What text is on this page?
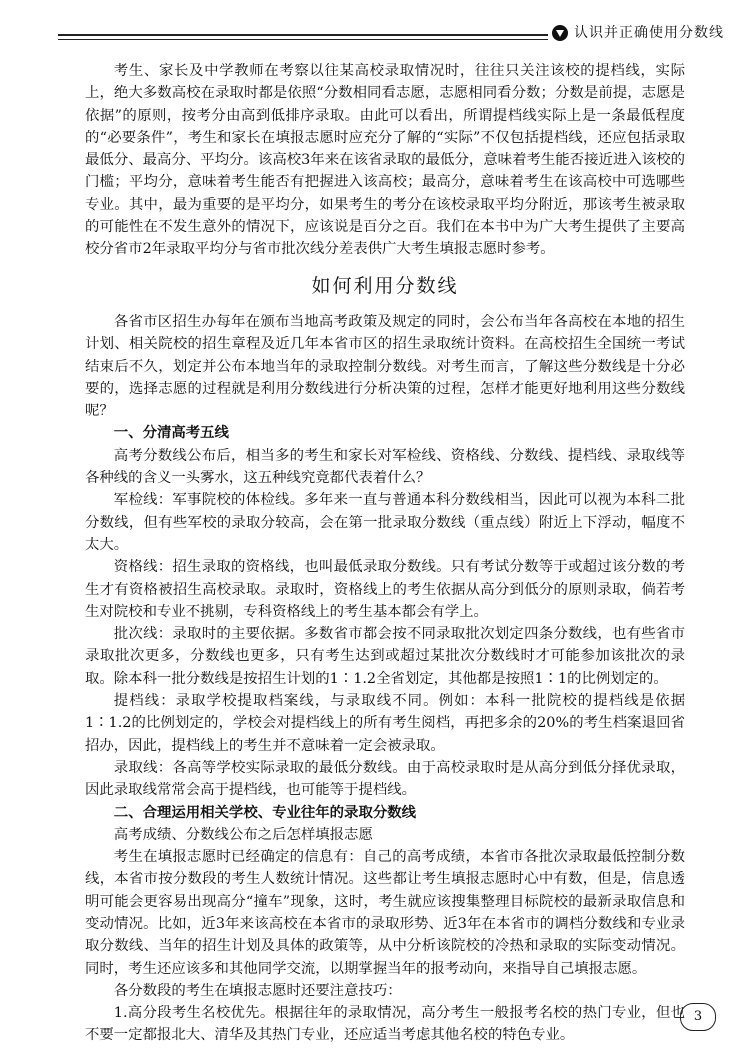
认识并正确使用分数线

考生、家长及中学教师在考察以往某高校录取情况时，往往只关注该校的提档线，实际上，绝大多数高校在录取时都是依照“分数相同看志愿，志愿相同看分数；分数是前提，志愿是依据”的原则，按考分由高到低排序录取。由此可以看出，所谓提档线实际上是一条最低程度的“必要条件”，考生和家长在填报志愿时应充分了解的“实际”不仅包括提档线，还应包括录取最低分、最高分、平均分。该高校3年来在该省录取的最低分，意味着考生能否接近进入该校的门槛；平均分，意味着考生能否有把握进入该高校；最高分，意味着考生在该高校中可选哪些专业。其中，最为重要的是平均分，如果考生的考分在该校录取平均分附近，那该考生被录取的可能性在不发生意外的情况下，应该说是百分之百。我们在本书中为广大考生提供了主要高校分省市2年录取平均分与省市批次线分差表供广大考生填报志愿时参考。

如何利用分数线

各省市区招生办每年在颁布当地高考政策及规定的同时，会公布当年各高校在本地的招生计划、相关院校的招生章程及近几年本省市区的招生录取统计资料。在高校招生全国统一考试结束后不久，划定并公布本地当年的录取控制分数线。对考生而言，了解这些分数线是十分必要的，选择志愿的过程就是利用分数线进行分析决策的过程，怎样才能更好地利用这些分数线呢？

一、分清高考五线

高考分数线公布后，相当多的考生和家长对军检线、资格线、分数线、提档线、录取线等各种线的含义一头雾水，这五种线究竟都代表着什么？

军检线：军事院校的体检线。多年来一直与普通本科分数线相当，因此可以视为本科二批分数线，但有些军校的录取分较高，会在第一批录取分数线（重点线）附近上下浮动，幅度不太大。

资格线：招生录取的资格线，也叫最低录取分数线。只有考试分数等于或超过该分数的考生才有资格被招生高校录取。录取时，资格线上的考生依据从高分到低分的原则录取，倘若考生对院校和专业不挑剔，专科资格线上的考生基本都会有学上。

批次线：录取时的主要依据。多数省市都会按不同录取批次划定四条分数线，也有些省市录取批次更多，分数线也更多，只有考生达到或超过某批次分数线时才可能参加该批次的录取。除本科一批分数线是按招生计划的1∶1.2全省划定，其他都是按照1∶1的比例划定的。

提档线：录取学校提取档案线，与录取线不同。例如：本科一批院校的提档线是依据1∶1.2的比例划定的，学校会对提档线上的所有考生阅档，再把多余的20%的考生档案退回省招办，因此，提档线上的考生并不意味着一定会被录取。

录取线：各高等学校实际录取的最低分数线。由于高校录取时是从高分到低分择优录取，因此录取线常常会高于提档线，也可能等于提档线。

二、合理运用相关学校、专业往年的录取分数线

高考成绩、分数线公布之后怎样填报志愿

考生在填报志愿时已经确定的信息有：自己的高考成绩，本省市各批次录取最低控制分数线，本省市按分数段的考生人数统计情况。这些都让考生填报志愿时心中有数，但是，信息透明可能会更容易出现高分“撞车”现象，这时，考生就应该搜集整理目标院校的最新录取信息和变动情况。比如，近3年来该高校在本省市的录取形势、近3年在本省市的调档分数线和专业录取分数线、当年的招生计划及具体的政策等，从中分析该院校的冷热和录取的实际变动情况。同时，考生还应该多和其他同学交流，以期掌握当年的报考动向，来指导自己填报志愿。

各分数段的考生在填报志愿时还要注意技巧：

1.高分段考生名校优先。根据往年的录取情况，高分考生一般报考名校的热门专业，但也不要一定都报北大、清华及其热门专业，还应适当考虑其他名校的特色专业。

3
